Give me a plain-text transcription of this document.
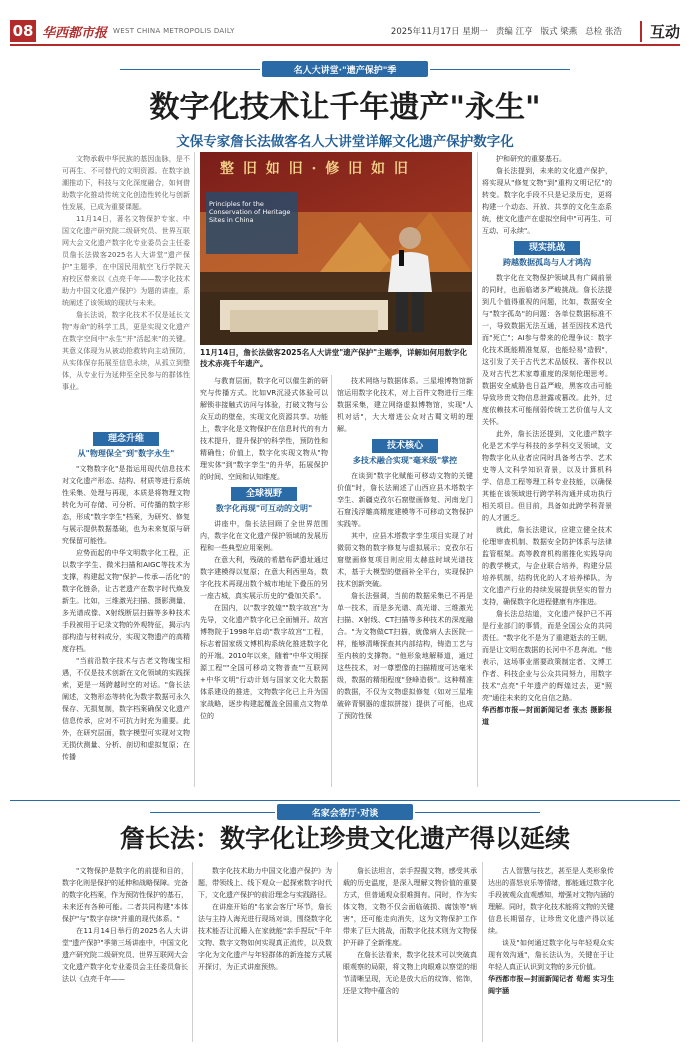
08 华西都市报 WEST CHINA METROPOLIS DAILY	2025年11月17日 星期一 责编 江亨 版式 梁燕 总检 张浩	互动
名人大讲堂·"遗产保护"季
数字化技术让千年遗产"永生"
文保专家詹长法做客名人大讲堂详解文化遗产保护数字化
整 旧 如 旧 · 修 旧 如 旧
Principles for the Conservation of Heritage Sites in China
11月14日，詹长法做客2025名人大讲堂"遗产保护"主题季，详解如何用数字化技术赤亮千年遗产。

文物承载中华民族的基因血脉，是不可再生、不可替代的文明资源。在数字浪潮推动下，科技与文化深度融合，如何借助数字化推动传统文化创造性转化与创新性发展，已成为重要课题。

11月14日，著名文物保护专家、中国文化遗产研究院二级研究员、世界互联网大会文化遗产数字化专业委员会主任委员詹长法做客2025名人大讲堂"遗产保护"主题季，在中国民用航空飞行学院天府校区带来以《点亮千年——数字化技术助力中国文化遗产保护》为题的讲座，系统阐述了该领域的现状与未来。

詹长法说，数字化技术不仅是延长文物"寿命"的科学工具，更是实现文化遗产在数字空间中"永生"并"活起来"的关键。其意义体现为从被动抢救转向主动预防，从实体保存拓展至信息永续，从孤立到整体，从专业行为延伸至全民参与的群体性事业。

理念升维
从"物理保全"到"数字永生"

"文物数字化"是指运用现代信息技术对文化遗产形态、结构、材质等进行系统性采集、处理与再现，本质是将物理文物转化为可存储、可分析、可传播的数字形态，形成"数字孪生"档案，为研究、修复与展示提供数据基础，也为未来复原与研究保留可能性。

应势而起的中华文明数字化工程，正以数字学生、微米扫描和AIGC等技术为支撑，构建起文物"保护—传承—活化"的数字化链条，让古老遗产在数字时代焕发新生。比如，三维激光扫描、摄影测量、多光谱成像、X射线断层扫描等多种技术手段被用于记录文物的外观特征，揭示内部构造与材料成分，实现文物遗产的高精度存档。

"当前沿数字技术与古老文物瑰宝相遇，不仅是技术创新在文化领域的实践探索，更是一场跨越时空的对话。"詹长法阐述，文物形态等转化为数字数据可永久保存、无损复制，数字档案确保文化遗产信息传承，应对不可抗力时充为重要。此外，在研究层面，数字模型可实现对文物无损伏测量、分析、剖切和虚拟复原；在传播

与教育层面，数字化可以催生新的研究与传播方式。比如VR沉浸式体验可以解锁非接触式访问与体验，打破文物与公众互动的壁垒，实现文化资源共享。功能上，数字化是文物保护在信息时代的有力技术提升，提升保护的科学性，预防性和精确性；价值上，数字化实现文物从"物理实体"到"数字孪生"的升华，拓展保护的时间、空间和认知维度。

全球视野
数字化再现"可互动的文明"

讲座中，詹长法回顾了全世界范围内，数字化在文化遗产保护领域的发展历程和一些典型应用案例。

在意大利，残破的希腊布萨遗址通过数字建模得以复原；在意大利西里岛，数字化技术再现出数个城市地址下叠压的另一座古城，真实展示历史的"叠加关系"。

在国内，以"数字敦煌""数字故宫"为先导，文化遗产数字化已全面铺开。故宫博物院于1998年启动"数字故宫"工程，标志着国家级文博机构系统化推进数字化的开端。2010年以来，随着"中华文明探源工程""全国可移动文物普查""互联网+中华文明"行动计划与国家文化大数据体系建设的推进，文物数字化已上升为国家战略，逐步构建起覆盖全国重点文物单位的

技术网络与数据体系。三星堆博物馆新馆运用数字化技术，对上百件文物进行三维数据采集，建立网络虚拟博物馆，实现"人机对话"，大大增进公众对古蜀文明的理解。

技术核心
多技术融合实现"毫米级"掌控

在谈到"数字化赋能可移动文物的关键价值"时，詹长法阐述了山西应县木塔数字孪生、新疆克孜尔石窟壁画修复、河南龙门石窟浅浮雕高精度建模等不可移动文物保护实践等。

其中，应县木塔数字孪生项目实现了对微弱文物的数字修复与虚拟展示；克孜尔石窟壁画修复项目则应用太赫兹时域光谱技术，基于大模型的壁画补全平台，实现保护技术创新突破。

詹长法强调，当前的数据采集已不再是单一技术，而是多光谱、高光谱、三维激光扫描、X射线、CT扫描等多种技术的深度融合。"为文物做CT扫描，就像病人去医院一样，能够清晰探查其内部结构，铸造工艺与至内核的支撑物。"他形象地解释道，通过这些技术，对一尊塑像的扫描精度可达毫米级，数据的精细程度"登峰造极"。这种精准的数据，不仅为文物虚拟修复（如对三星堆破碎青铜器的虚拟拼接）提供了可能，也成了预防性保

护和研究的重要基石。

詹长法提到，未来的文化遗产保护，将实现从"修复文物"到"重构文明记忆"的转变。数字化手段不只是记录历史，更将构建一个动态、开放、共享的文化生态系统，使文化遗产在虚拟空间中"可再生、可互动、可永续"。

现实挑战
跨越数据孤岛与人才鸿沟

数字化在文物保护领域具有广阔前景的同时，也面临诸多严峻挑战。詹长法提到几个值得重视的问题，比如，数据安全与"数字孤岛"的问题：各单位数据标准不一，导致数据无法互通，甚至因技术迭代而"死亡"；AI参与带来的伦理争议：数字化技术既能精准复原，也能轻易"造假"，这引发了关于古代艺术品版权、著作权以及对古代艺术家尊重度的深刻伦理思考。数据安全威胁也日益严峻，黑客攻击可能导致珍贵文物信息泄露或篡改。此外，过度依赖技术可能削弱传统工艺价值与人文关怀。

此外，詹长法还提到，文化遗产数字化是艺术学与科技的多学科交叉领域，文物数字化从业者应同时具备考古学、艺术史等人文科学知识背景，以及计算机科学、信息工程等理工科专业技能，以确保其能在该领域进行跨学科沟通并成功执行相关项目。但目前，具备如此跨学科背景的人才匮乏。

就此，詹长法建议，应建立健全技术伦理审查机制、数据安全防护体系与法律监管框架。高等教育机构需推化实践导向的教学模式，与企业联合培养，构建分层培养机制，结构优化的人才培养梯队，为文化遗产行业的持续发展提供坚实的智力支持，确保数字化进程健康有序推进。

詹长法总结道，文化遗产保护已不再是行业部门的事情，而是全国公众的共同责任。"数字化不是为了重建逝去的王朝，而是让文明在数据的长河中不息奔流。"他表示，这场事业需要政策制定者、文博工作者、科技企业与公众共同努力，用数字技术"点亮"千年遗产的辉煌过去，更"照亮"通往未来的文化自信之路。

华西都市报—封面新闻记者 张杰 摄影报道

名家会客厅·对谈
詹长法：数字化让珍贵文化遗产得以延续

"文物保护是数字化的前提和目的，数字化则是保护的延伸和战略保障。完备的数字化档案，作为预防性保护的基石，未来还有各种可能。二者共同构建"本体保护"与"数字存续"并重的现代体系。"

在11月14日举行的2025名人大讲堂"遗产保护"季第三场讲座中，中国文化遗产研究院二级研究员、世界互联网大会文化遗产数字化专业委员会主任委员詹长法以《点亮千年——

数字化技术助力中国文化遗产保护》为题，带领线上、线下观众一起探索数字时代下，文化遗产保护的前沿理念与实践路径。

在讲座开始的"名家会客厅"环节，詹长法与主持人海光进行现场对谈，围绕数字化技术能否让沉睡入在家就能"亲手捏玩"千年文物、数字文物如何实现真正流传，以及数字化为文化遗产与年轻群体的新连接方式展开探讨，为正式讲座预热。

詹长法坦言，亲手捏握文物，感受其承载的历史温度，是深入理解文物价值的重要方式，但普通观众很难拥有。同时，作为实体文物，文物不仅会面临破损、腐蚀等"病害"，还可能走向消失，这为文物保护工作带来了巨大挑战，而数字化技术则为文物保护开辟了全新维度。

在詹长法看来，数字化技术可以突破真眼观察的局限，将文物上肉眼难以察觉的细节清晰呈现，无论是放大后的纹饰、铭饰，还是文物中蕴含的

古人智慧与技艺，甚至是人类形象传达出的喜怒哀乐等情绪，都能通过数字化手段被观众直观感知，增强对文物内涵的理解。同时，数字化技术能将文物的关键信息长期留存，让珍贵文化遗产得以延续。

谈及"如何通过数字化与年轻观众实现有效沟通"，詹长法认为，关键在于让年轻人真正认识到文物的多元价值。

华西都市报—封面新闻记者 荀超 实习生 阎宇涵
